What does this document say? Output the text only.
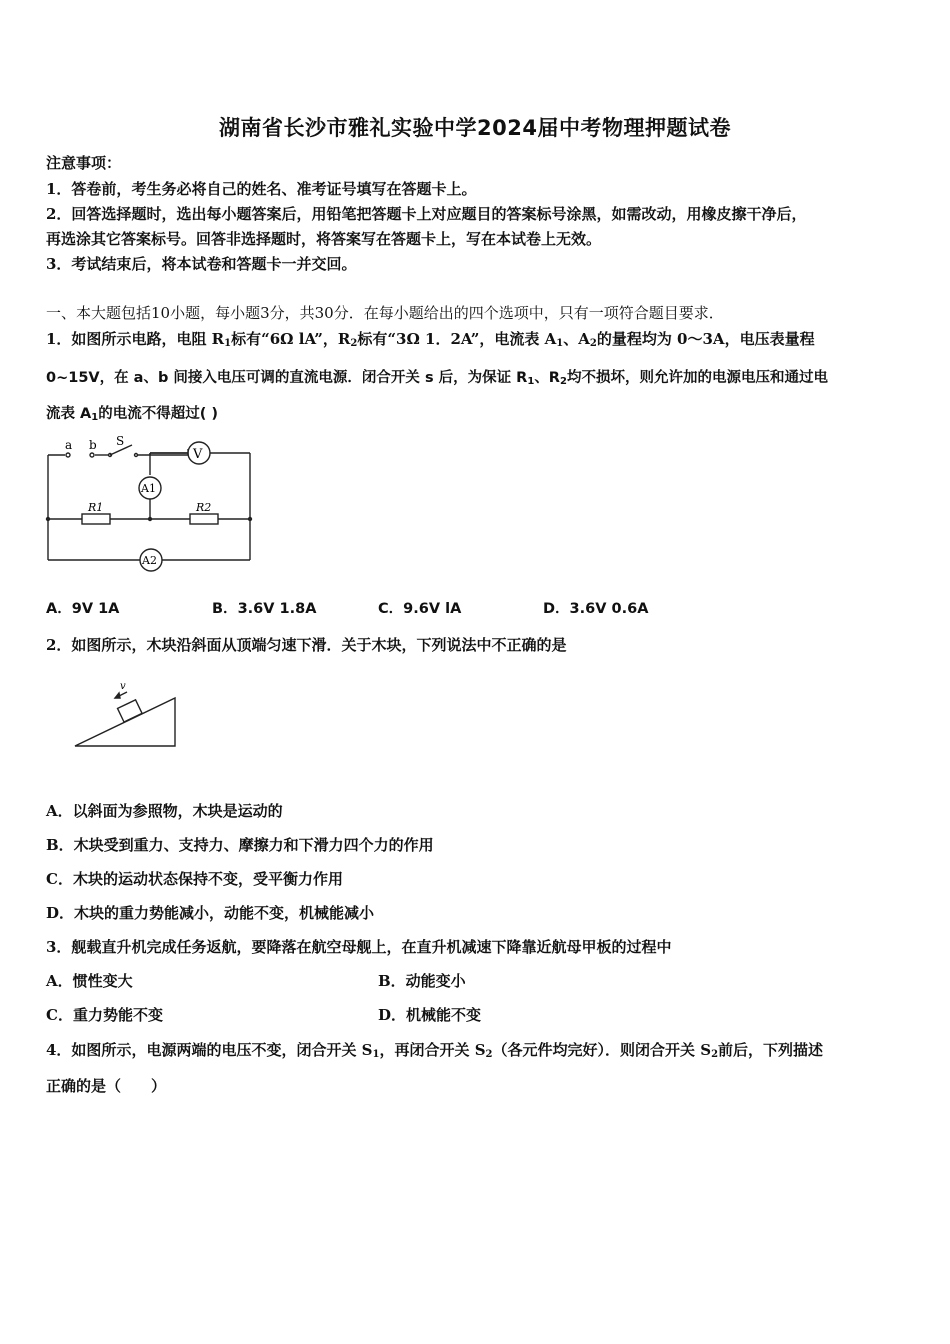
湖南省长沙市雅礼实验中学2024届中考物理押题试卷
注意事项：
1．答卷前，考生务必将自己的姓名、准考证号填写在答题卡上。
2．回答选择题时，选出每小题答案后，用铅笔把答题卡上对应题目的答案标号涂黑，如需改动，用橡皮擦干净后，
再选涂其它答案标号。回答非选择题时，将答案写在答题卡上，写在本试卷上无效。
3．考试结束后，将本试卷和答题卡一并交回。
一、本大题包括10小题，每小题3分，共30分．在每小题给出的四个选项中，只有一项符合题目要求．
1．如图所示电路，电阻 $R_1$标有“6Ω lA”，$R_2$标有“3Ω 1．2A”，电流表 $A_1$、$A_2$的量程均为 0～3A，电压表量程
0~15V，在 a、b 间接入电压可调的直流电源．闭合开关 s 后，为保证 $R_1$、$R_2$均不损坏，则允许加的电源电压和通过电
流表 $A_1$的电流不得超过( )
a b S
V
A1
A2
R1	R2
A．9V 1A	B．3.6V 1.8A	C．9.6V lA	D．3.6V 0.6A
2．如图所示，木块沿斜面从顶端匀速下滑．关于木块，下列说法中不正确的是
v
A．以斜面为参照物，木块是运动的
B．木块受到重力、支持力、摩擦力和下滑力四个力的作用
C．木块的运动状态保持不变，受平衡力作用
D．木块的重力势能减小，动能不变，机械能减小
3．舰载直升机完成任务返航，要降落在航空母舰上，在直升机减速下降靠近航母甲板的过程中
A．惯性变大	B．动能变小
C．重力势能不变	D．机械能不变
4．如图所示，电源两端的电压不变，闭合开关 $S_1$，再闭合开关 $S_2$（各元件均完好）．则闭合开关 $S_2$前后，下列描述
正确的是（　　）
